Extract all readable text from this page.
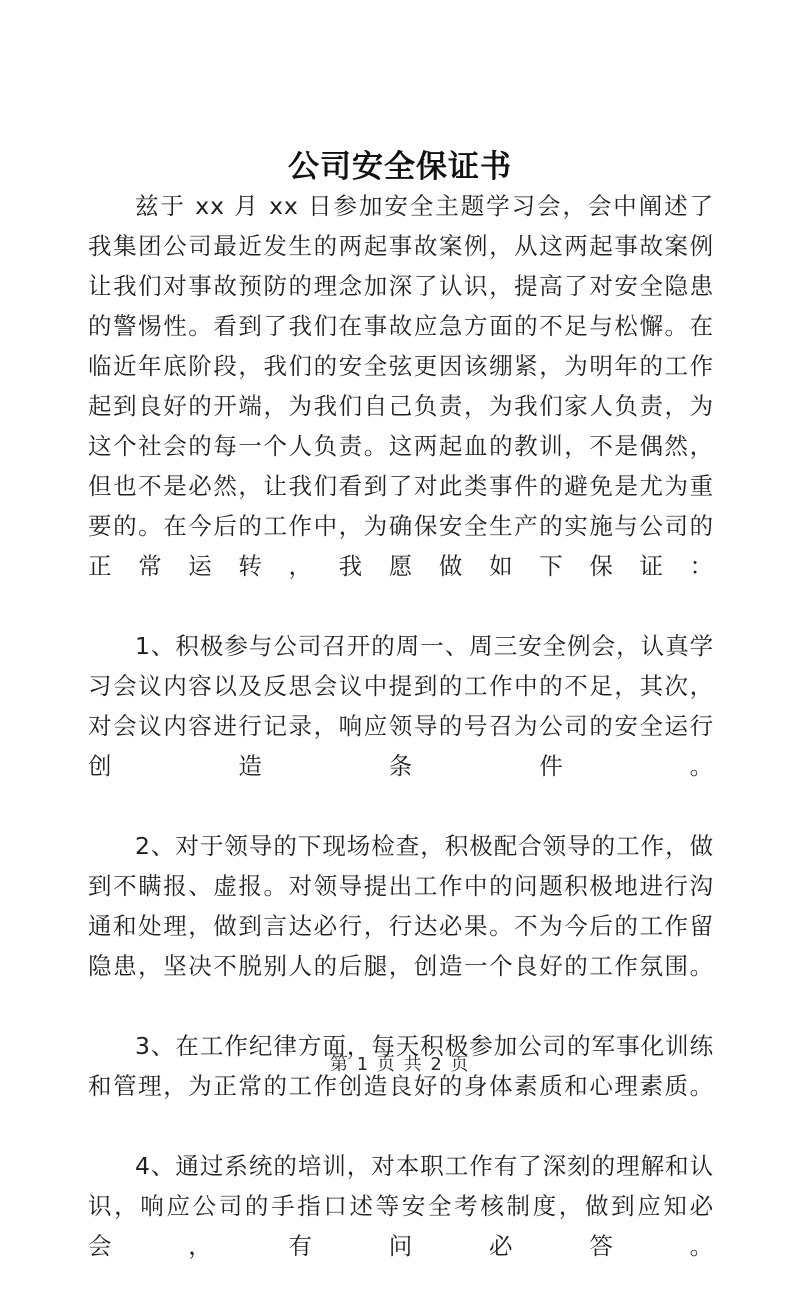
公司安全保证书

兹于 xx 月 xx 日参加安全主题学习会，会中阐述了我集团公司最近发生的两起事故案例，从这两起事故案例让我们对事故预防的理念加深了认识，提高了对安全隐患的警惕性。看到了我们在事故应急方面的不足与松懈。在临近年底阶段，我们的安全弦更因该绷紧，为明年的工作起到良好的开端，为我们自己负责，为我们家人负责，为这个社会的每一个人负责。这两起血的教训，不是偶然，但也不是必然，让我们看到了对此类事件的避免是尤为重要的。在今后的工作中，为确保安全生产的实施与公司的正常运转，我愿做如下保证：

1、积极参与公司召开的周一、周三安全例会，认真学习会议内容以及反思会议中提到的工作中的不足，其次，对会议内容进行记录，响应领导的号召为公司的安全运行创造条件。

2、对于领导的下现场检查，积极配合领导的工作，做到不瞒报、虚报。对领导提出工作中的问题积极地进行沟通和处理，做到言达必行，行达必果。不为今后的工作留隐患，坚决不脱别人的后腿，创造一个良好的工作氛围。

3、在工作纪律方面，每天积极参加公司的军事化训练和管理，为正常的工作创造良好的身体素质和心理素质。

4、通过系统的培训，对本职工作有了深刻的理解和认识，响应公司的手指口述等安全考核制度，做到应知必会，有问必答。

第 1 页 共 2 页
